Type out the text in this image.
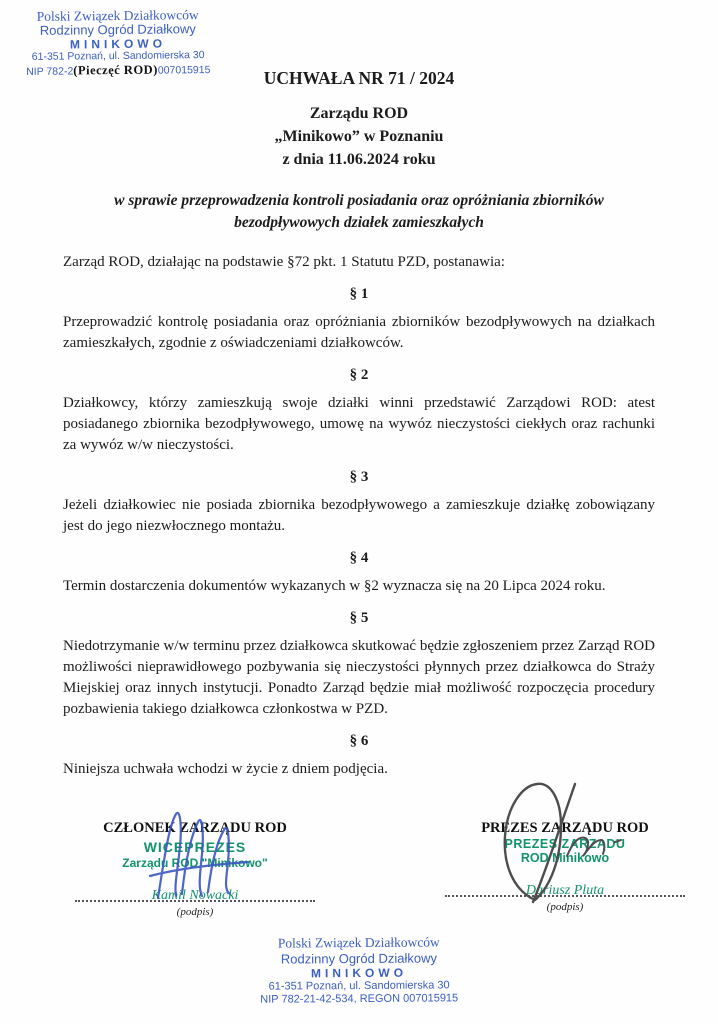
Polski Związek Działkowców
Rodzinny Ogród Działkowy
MINIKOWO
61-351 Poznań, ul. Sandomierska 30
NIP 782-2(Pieczęć ROD)007015915	UCHWAŁA NR 71 / 2024
Zarządu ROD
„Minikowo” w Poznaniu
z dnia 11.06.2024 roku
w sprawie przeprowadzenia kontroli posiadania oraz opróżniania zbiorników
bezodpływowych działek zamieszkałych

Zarząd ROD, działając na podstawie §72 pkt. 1 Statutu PZD, postanawia:

§ 1

Przeprowadzić kontrolę posiadania oraz opróżniania zbiorników bezodpływowych na działkach zamieszkałych, zgodnie z oświadczeniami działkowców.

§ 2

Działkowcy, którzy zamieszkują swoje działki winni przedstawić Zarządowi ROD: atest posiadanego zbiornika bezodpływowego, umowę na wywóz nieczystości ciekłych oraz rachunki za wywóz w/w nieczystości.

§ 3

Jeżeli działkowiec nie posiada zbiornika bezodpływowego a zamieszkuje działkę zobowiązany jest do jego niezwłocznego montażu.

§ 4

Termin dostarczenia dokumentów wykazanych w §2 wyznacza się na 20 Lipca 2024 roku.

§ 5

Niedotrzymanie w/w terminu przez działkowca skutkować będzie zgłoszeniem przez Zarząd ROD możliwości nieprawidłowego pozbywania się nieczystości płynnych przez działkowca do Straży Miejskiej oraz innych instytucji. Ponadto Zarząd będzie miał możliwość rozpoczęcia procedury pozbawienia takiego działkowca członkostwa w PZD.

§ 6

Niniejsza uchwała wchodzi w życie z dniem podjęcia.

CZŁONEK ZARZĄDU ROD
WICEPREZES
Zarządu ROD "Minikowo"
Kamil Nowacki
(podpis)
PREZES ZARZĄDU ROD
PREZES ZARZĄDU
ROD Minikowo
Dariusz Pluta
(podpis)
Polski Związek Działkowców
Rodzinny Ogród Działkowy
MINIKOWO
61-351 Poznań, ul. Sandomierska 30
NIP 782-21-42-534, REGON 007015915
